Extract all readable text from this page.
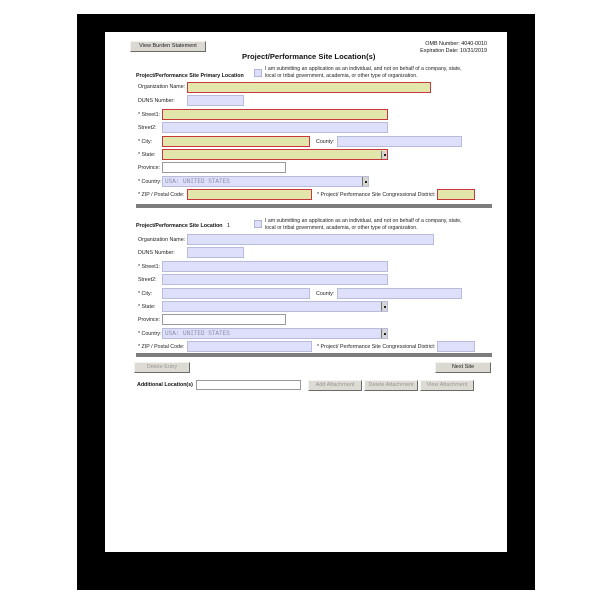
View Burden Statement
Project/Performance Site Location(s)
OMB Number: 4040-0010
Expiration Date: 10/31/2019
Project/Performance Site Primary Location
I am submitting an application as an individual, and not on behalf of a company, state,
local or tribal government, academia, or other type of organization.
Organization Name:
DUNS Number:
* Street1:
Street2:
* City:	County:
* State:
Province:
* Country: USA: UNITED STATES
* ZIP / Postal Code:	* Project/ Performance Site Congressional District:
Project/Performance Site Location 1
I am submitting an application as an individual, and not on behalf of a company, state,
local or tribal government, academia, or other type of organization.
Organization Name:
DUNS Number:
* Street1:
Street2:
* City:	County:
* State:
Province:
* Country: USA: UNITED STATES
* ZIP / Postal Code:	* Project/ Performance Site Congressional District:
Delete Entry	Next Site
Additional Location(s)	Add Attachment	Delete Attachment	View Attachment
